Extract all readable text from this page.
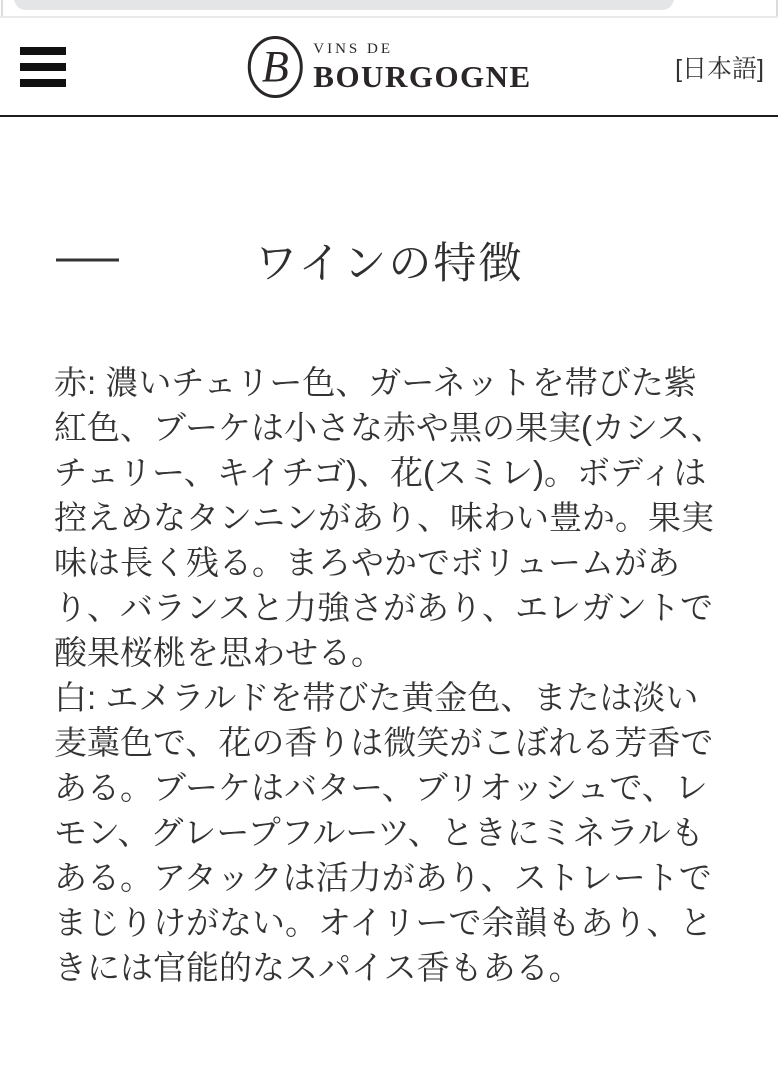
B VINS DE
BOURGOGNE	[日本語]
ワインの特徴

赤: 濃いチェリー色、ガーネットを帯びた紫紅色、ブーケは小さな赤や黒の果実(カシス、チェリー、キイチゴ)、花(スミレ)。ボディは控えめなタンニンがあり、味わい豊か。果実味は長く残る。まろやかでボリュームがあり、バランスと力強さがあり、エレガントで酸果桜桃を思わせる。

白: エメラルドを帯びた黄金色、または淡い麦藁色で、花の香りは微笑がこぼれる芳香である。ブーケはバター、ブリオッシュで、レモン、グレープフルーツ、ときにミネラルもある。アタックは活力があり、ストレートでまじりけがない。オイリーで余韻もあり、ときには官能的なスパイス香もある。
